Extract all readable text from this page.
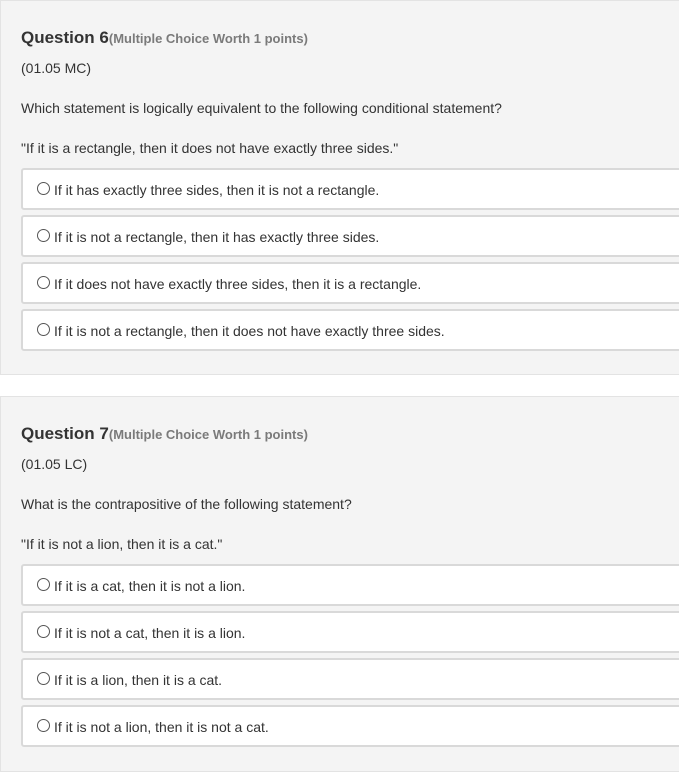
Question 6(Multiple Choice Worth 1 points)
(01.05 MC)
Which statement is logically equivalent to the following conditional statement?
"If it is a rectangle, then it does not have exactly three sides."
If it has exactly three sides, then it is not a rectangle.
If it is not a rectangle, then it has exactly three sides.
If it does not have exactly three sides, then it is a rectangle.
If it is not a rectangle, then it does not have exactly three sides.
Question 7(Multiple Choice Worth 1 points)
(01.05 LC)
What is the contrapositive of the following statement?
"If it is not a lion, then it is a cat."
If it is a cat, then it is not a lion.
If it is not a cat, then it is a lion.
If it is a lion, then it is a cat.
If it is not a lion, then it is not a cat.
